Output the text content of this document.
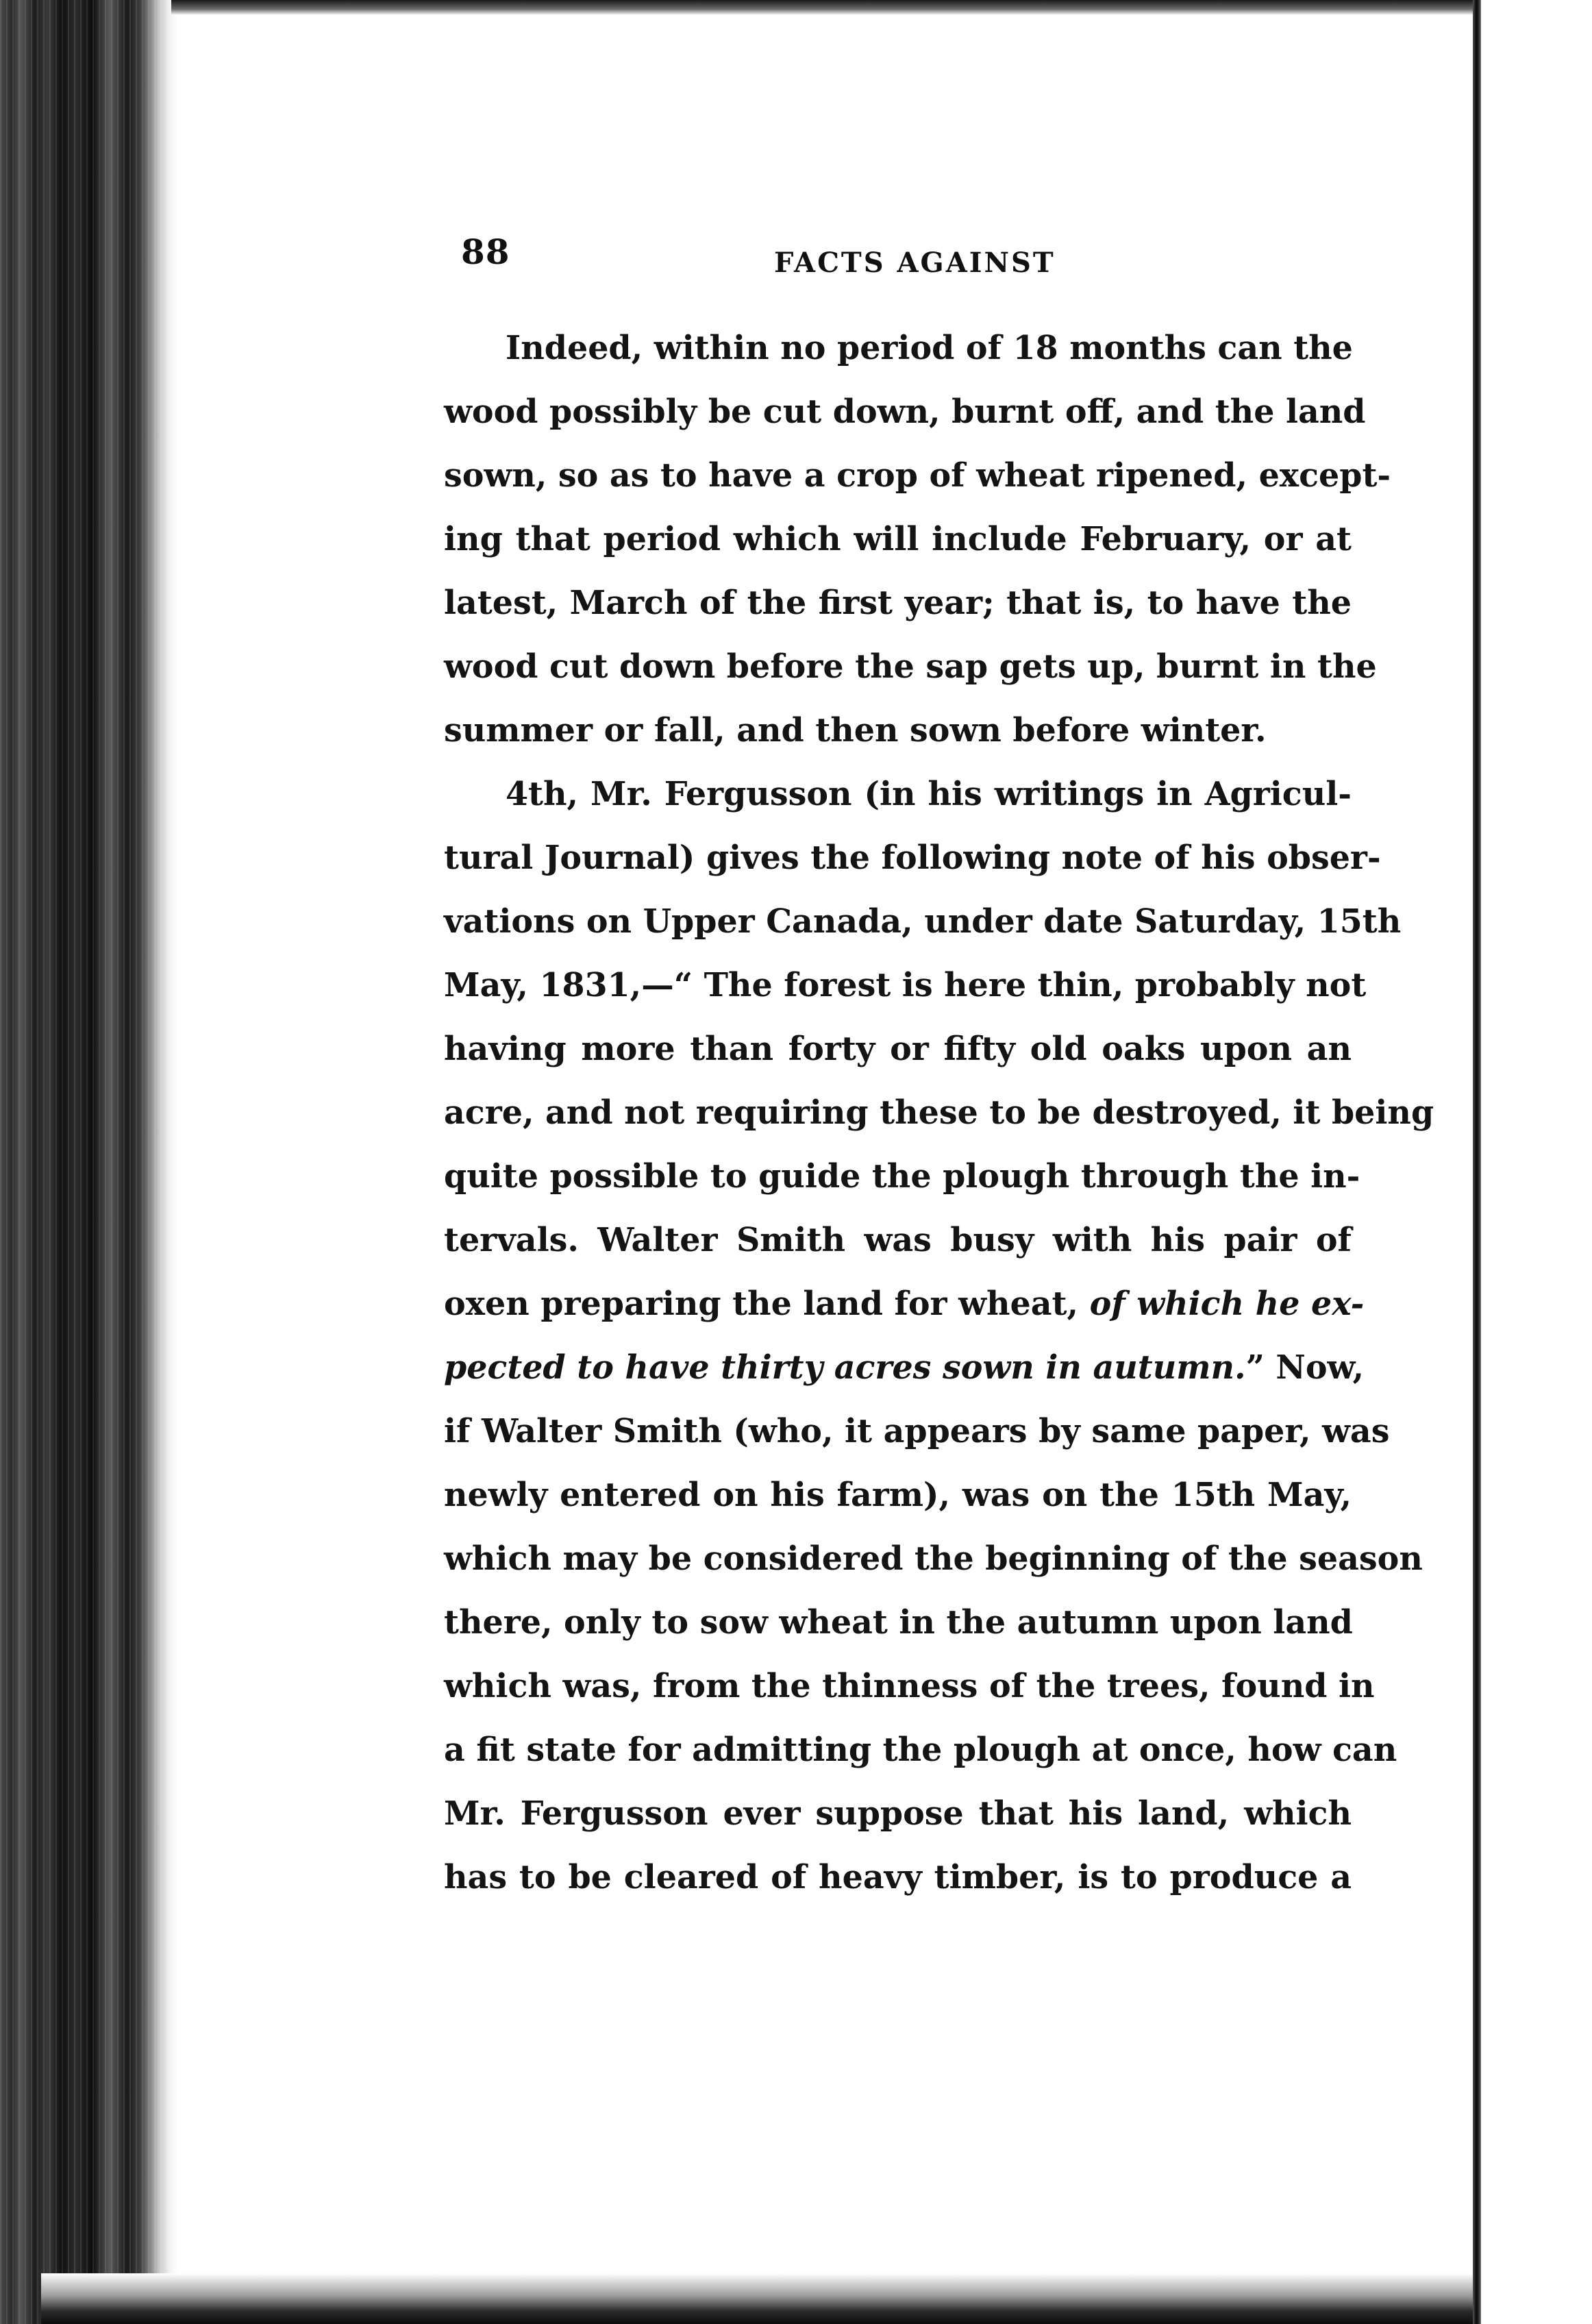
88	FACTS AGAINST
Indeed, within no period of 18 months can the
wood possibly be cut down, burnt off, and the land
sown, so as to have a crop of wheat ripened, except-
ing that period which will include February, or at
latest, March of the first year; that is, to have the
wood cut down before the sap gets up, burnt in the
summer or fall, and then sown before winter.
4th, Mr. Fergusson (in his writings in Agricul-
tural Journal) gives the following note of his obser-
vations on Upper Canada, under date Saturday, 15th
May, 1831,—“ The forest is here thin, probably not
having more than forty or fifty old oaks upon an
acre, and not requiring these to be destroyed, it being
quite possible to guide the plough through the in-
tervals. Walter Smith was busy with his pair of
oxen preparing the land for wheat, of which he ex-
pected to have thirty acres sown in autumn.” Now,
if Walter Smith (who, it appears by same paper, was
newly entered on his farm), was on the 15th May,
which may be considered the beginning of the season
there, only to sow wheat in the autumn upon land
which was, from the thinness of the trees, found in
a fit state for admitting the plough at once, how can
Mr. Fergusson ever suppose that his land, which
has to be cleared of heavy timber, is to produce a
